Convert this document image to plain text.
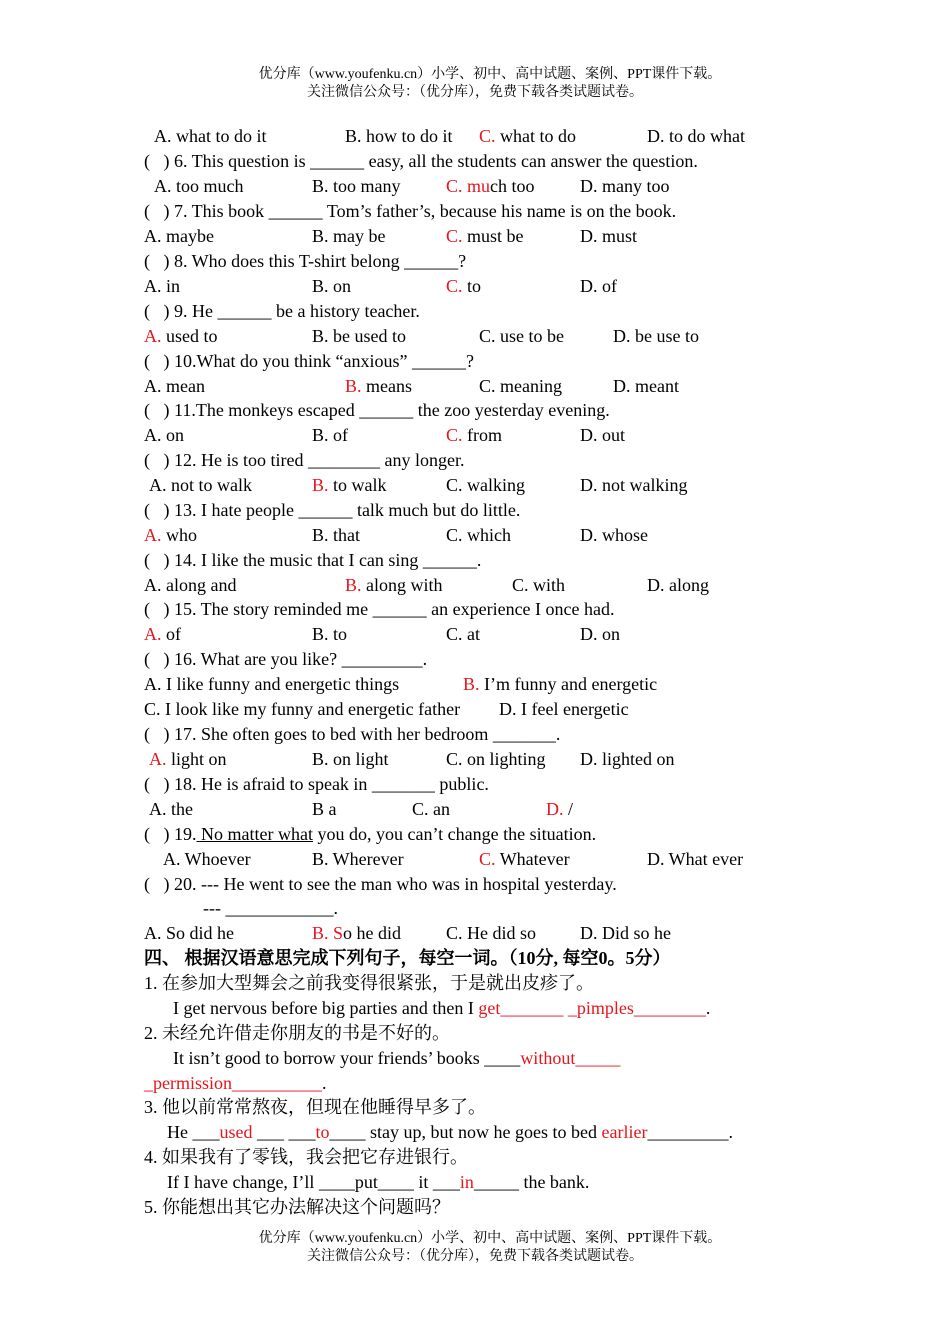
优分库（www.youfenku.cn）小学、初中、高中试题、案例、PPT课件下载。
关注微信公众号：（优分库），免费下载各类试题试卷。

A. what to do it

	B. how to do it

C. what to do

	D. to do what

(   ) 6. This question is ______ easy, all the students can answer the question.

A. too much

	B. too many

	C. much too

	D. many too

(   ) 7. This book ______ Tom’s father’s, because his name is on the book.

A. maybe

	B. may be

	C. must be

	D. must

(   ) 8. Who does this T-shirt belong ______?

A. in

	B. on

	C. to

	D. of

(   ) 9. He ______ be a history teacher.

A. used to

	B. be used to

	C. use to be

	D. be use to

(   ) 10.What do you think “anxious” ______?

A. mean

	B. means

	C. meaning

	D. meant

(   ) 11.The monkeys escaped ______ the zoo yesterday evening.

A. on

	B. of

	C. from

	D. out

(   ) 12. He is too tired ________ any longer.

A. not to walk

	B. to walk

	C. walking

	D. not walking

(   ) 13. I hate people ______ talk much but do little.

A. who

	B. that

	C. which

	D. whose

(   ) 14. I like the music that I can sing ______.

A. along and

	B. along with

	C. with

	D. along

(   ) 15. The story reminded me ______ an experience I once had.

A. of

	B. to

	C. at

	D. on

(   ) 16. What are you like? _________.

A. I like funny and energetic things

	B. I’m funny and energetic

C. I look like my funny and energetic father

D. I feel energetic

(   ) 17. She often goes to bed with her bedroom _______.

A. light on

	B. on light

	C. on lighting

D. lighted on

(   ) 18. He is afraid to speak in _______ public.

A. the

	B a

	C. an

	D. /

(   ) 19. No matter what you do, you can’t change the situation.

A. Whoever

	B. Wherever

	C. Whatever

	D. What ever

(   ) 20. --- He went to see the man who was in hospital yesterday.
--- ____________.

A. So did he

	B. So he did

C. He did so

D. Did so he

四、 根据汉语意思完成下列句子，每空一词。（10分, 每空0。5分）
1. 在参加大型舞会之前我变得很紧张，于是就出皮疹了。

I get nervous before big parties and then I get_______ _pimples________.

2. 未经允许借走你朋友的书是不好的。

It isn’t good to borrow your friends’ books ____without_____

_permission__________.

3. 他以前常常熬夜，但现在他睡得早多了。

He ___used ___ ___to____ stay up, but now he goes to bed earlier_________.

4. 如果我有了零钱，我会把它存进银行。

If I have change, I’ll ____put____ it ___in_____ the bank.

5. 你能想出其它办法解决这个问题吗？
优分库（www.youfenku.cn）小学、初中、高中试题、案例、PPT课件下载。
关注微信公众号：（优分库），免费下载各类试题试卷。
